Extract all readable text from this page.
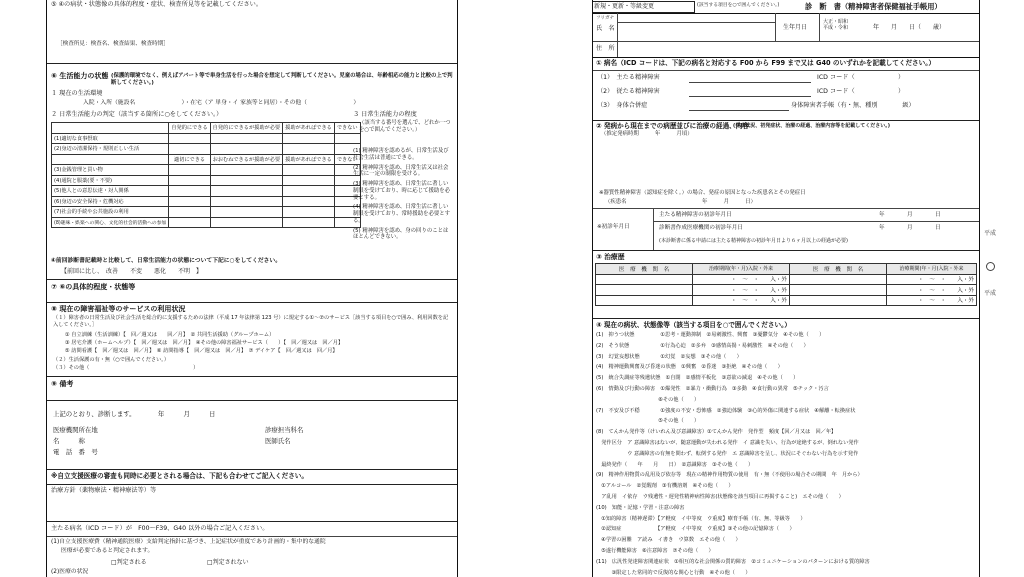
⑤ ④の病状・状態像の具体的程度・症状、検査所見等を記載してください。
［検査所見：検査名、検査結果、検査時期］
⑥ 生活能力の状態 (保護的環境でなく、例えばアパート等で単身生活を行った場合を想定して判断してください。児童の場合は、年齢相応の能力と比較の上で判断してください。)
１ 現在の生活環境
入院・入所（施設名　　　　　　　　）・在宅（ア 単身・イ 家族等と同居）・その他（　　　　　　　　）
２ 日常生活能力の判定（該当する箇所に○をしてください。）	３ 日常生活能力の程度
（該当する番号を選んで、どれか一つを○で囲んでください。）
	自発的にできる	自発的にできるが援助が必要	援助があればできる	できない
(1)適切な食事摂取				
(2)身辺の清潔保持・規則正しい生活				
	適切にできる	おおむねできるが援助が必要	援助があればできる	できない
(3)金銭管理と買い物				
(4)通院と服薬(要・不要)				
(5)他人との意思伝達・対人関係				
(6)身辺の安全保持・危機対応				
(7)社会的手続や公共施設の利用				
(8)趣味・娯楽への関心、文化的社会的活動への参加				
(1) 精神障害を認めるが、日常生活及び社会生活は普通にできる。
(2) 精神障害を認め、日常生活又は社会生活に一定の制限を受ける。
(3) 精神障害を認め、日常生活に著しい制限を受けており、時に応じて援助を必要とする。
(4) 精神障害を認め、日常生活に著しい制限を受けており、常時援助を必要とする。
(5) 精神障害を認め、身の回りのことはほとんどできない。
④前回診断書記載時と比較して、日常生活能力の状態について下記に○をしてください。
【前回に比し、　改善　　不変　　悪化　　不明　】
⑦ ⑥の具体的程度・状態等
⑧ 現在の障害福祉等のサービスの利用状況
（１）障害者の日常生活及び社会生活を総合的に支援するための法律（平成 17 年法律第 123 号）に規定する①～⑦のサービス［該当する項目を○で囲み、利用回数を記入してください。］
① 自立訓練（生活訓練）【　回／週又は　　回／月】　② 共同生活援助（グループホーム）
③ 居宅介護（ホームヘルプ）【　回／週又は　回／月】　④その他の障害福祉サービス（　　）【　回／週又は　回／月】
⑤ 訪問看護【　回／週又は　回／月】　⑥ 訪問指導【　回／週又は　回／月】　⑦ デイケア【　回／週又は　回／月】
（２）生活保護の有・無（○で囲んでください。）
（３）その他（　　　　　　　　　　　　　　　　　　　　）
⑨ 備考
上記のとおり、診断します。　　　　年　　　月　　　日
医療機関所在地
名　　　称
電　話　番　号
診療担当科名
医師氏名
※自立支援医療の審査も同時に必要とされる場合は、下記も合わせてご記入ください。
治療方針（薬物療法・精神療法等）等
主たる病名（ICD コード）が　F00～F39、G40 以外の場合ご記入ください。
(1)自立支援医療費（精神通院医療）支給判定指針に基づき、上記症状が重度であり計画的・集中的な通院
医療が必要であると判定されます。
□判定される	□判定されない
(2)医療の状況
新規・更新・等級変更	(該当する項目を○で囲んでください。)	診　断　書（精神障害者保健福祉手帳用）
フリガナ
氏　名	生年月日
大正・昭和
平成・令和	年　　月　　日（　　歳）
住　所
① 病名（ICD コードは、下記の病名と対応する F00 から F99 まで又は G40 のいずれかを記載してください。）
（1）　主たる精神障害	ICD コード（　　　　　　　）
（2）　従たる精神障害	ICD コード（　　　　　　　）
（3）　身体合併症	身体障害者手帳（有・無、種別　　　　級）
② 発病から現在までの病歴並びに治療の経過、内容
(発病状況、初発症状、治療の経過、治療内容等を記載してください。)
（推定発病時期　　　年　　　月頃）
※器質性精神障害（認知症を除く。）の場合、発症の原因となった疾患名とその発症日
（疾患名　　　　　　　　　　　　　　年　　　月　　　日）
※初診年月日
主たる精神障害の初診年月日	年　　　　月　　　　日
診断書作成医療機関の初診年月日	年　　　　月　　　　日
(本診断書に係る申請には主たる精神障害の初診年月日より６ヶ月以上の経過が必要)
③ 治療歴
医　療　機　関　名	治療期間(年・月)入院・外来	医　療　機　関　名	治療期間(年・月)入院・外来
	・　〜　・　　入・外		・　〜　・　　入・外
	・　〜　・　　入・外		・　〜　・　　入・外
	・　〜　・　　入・外		・　〜　・　　入・外
④ 現在の病状、状態像等（該当する項目を○で囲んでください。）
(1)　抑うつ状態　　　　　①思考・運動抑制　②易刺激性、興奮　③憂鬱気分　④その他（　　）
(2)　そう状態　　　　　　①行為心迫　②多弁　③感情高揚・易刺激性　④その他（　　）
(3)　幻覚妄想状態　　　　①幻覚　②妄想　③その他（　　）
(4)　精神運動興奮及び昏迷の状態　①興奮　②昏迷　③拒絶　④その他（　　）
(5)　統合失調症等残遺状態　①自閉　②感情平板化　③意欲の減退　④その他（　　）
(6)　情動及び行動の障害　①爆発性　②暴力・衝動行為　③多動　④食行動の異常　⑤チック・汚言
　　　　　　　　　　　　⑥その他（　　）
(7)　不安及び不穏　　　　①強度の不安・恐怖感　②強迫体験　③心的外傷に関連する症状　④解離・転換症状
　　　　　　　　　　　　⑤その他（　　）
(8)　てんかん発作等（けいれん及び意識障害）①てんかん発作　発作型　頻度【回／月又は　回／年】
　発作区分　ア 意識障害はないが、随意運動が失われる発作　イ 意識を失い、行為が途絶するが、倒れない発作
　　　　　　ウ 意識障害の有無を問わず、転倒する発作　エ 意識障害を呈し、状況にそぐわない行為を示す発作
　最終発作（　　年　　月　　日）　②意識障害　③その他（　　）
(9)　精神作用物質の乱用及び依存等　現在の精神作用物質の使用　有・無（不使用の場合その期間　年　月から）
　①アルコール　②覚醒剤　③有機溶剤　④その他（　　）
　ア乱用　イ依存　ウ残遺性・遅発性精神病性障害(状態像を該当項目に再掲すること)　エその他（　　）
(10)　知能・記憶・学習・注意の障害
　①知的障害（精神遅滞）【ア軽度　イ中等度　ウ重度】療育手帳（有、無、等級等　　）
　②認知症　　　　　　　【ア軽度　イ中等度　ウ重度】③その他の記憶障害（　　）
　④学習の困難　ア読み　イ書き　ウ算数　エその他（　　）
　⑤遂行機能障害　⑥注意障害　⑦その他（　　）
(11)　広汎性発達障害関連症状　①相互的な社会関係の質的障害　②コミュニケーションのパターンにおける質的障害
　　　③限定した常同的で反復的な関心と行動　④その他（　　）
平成
平成
